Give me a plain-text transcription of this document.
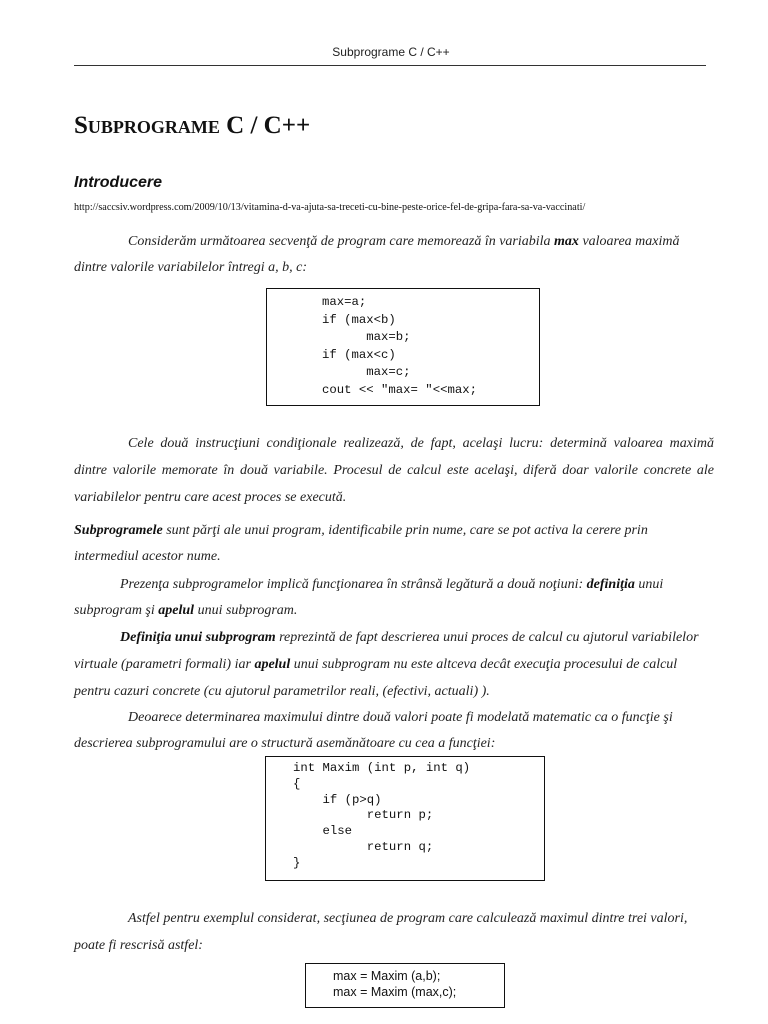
Subprograme C / C++
Subprograme C / C++
Introducere
http://saccsiv.wordpress.com/2009/10/13/vitamina-d-va-ajuta-sa-treceti-cu-bine-peste-orice-fel-de-gripa-fara-sa-va-vaccinati/
Considerăm următoarea secvenţă de program care memorează în variabila max valoarea maximă dintre valorile variabilelor întregi a, b, c:
max=a;
if (max<b)
max=b;
if (max<c)
max=c;
cout << "max= "<<max;
Cele două instrucţiuni condiţionale realizează, de fapt, acelaşi lucru: determină valoarea maximă dintre valorile memorate în două variabile. Procesul de calcul este acelaşi, diferă doar valorile concrete ale variabilelor pentru care acest proces se execută.
Subprogramele sunt părţi ale unui program, identificabile prin nume, care se pot activa la cerere prin intermediul acestor nume.
Prezenţa subprogramelor implică funcţionarea în strânsă legătură a două noţiuni: definiţia unui subprogram şi apelul unui subprogram.
Definiţia unui subprogram reprezintă de fapt descrierea unui proces de calcul cu ajutorul variabilelor virtuale (parametri formali) iar apelul unui subprogram nu este altceva decât execuţia procesului de calcul pentru cazuri concrete (cu ajutorul parametrilor reali, (efectivi, actuali) ).
Deoarece determinarea maximului dintre două valori poate fi modelată matematic ca o funcţie şi descrierea subprogramului are o structură asemănătoare cu cea a funcţiei:
int Maxim (int p, int q)
{
if (p>q)
return p;
else
return q;
}
Astfel pentru exemplul considerat, secţiunea de program care calculează maximul dintre trei valori, poate fi rescrisă astfel:
max = Maxim (a,b);
max = Maxim (max,c);
